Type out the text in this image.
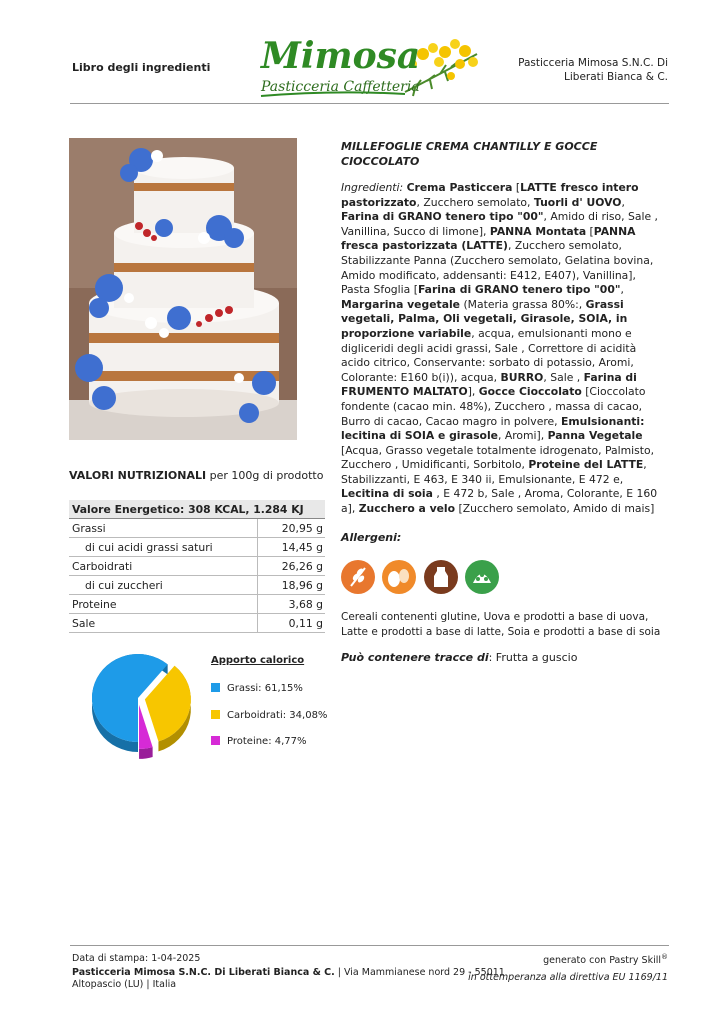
Libro degli ingredienti Mimosa
Pasticceria Caffetteria
Pasticceria Mimosa S.N.C. Di
Liberati Bianca & C.
MILLEFOGLIE CREMA CHANTILLY E GOCCE
CIOCCOLATO
Ingredienti: Crema Pasticcera [LATTE fresco intero pastorizzato, Zucchero semolato, Tuorli d' UOVO, Farina di GRANO tenero tipo "00", Amido di riso, Sale , Vanillina, Succo di limone], PANNA Montata [PANNA fresca pastorizzata (LATTE), Zucchero semolato, Stabilizzante Panna (Zucchero semolato, Gelatina bovina, Amido modificato, addensanti: E412, E407), Vanillina], Pasta Sfoglia [Farina di GRANO tenero tipo "00", Margarina vegetale (Materia grassa 80%:, Grassi vegetali, Palma, Oli vegetali, Girasole, SOIA, in proporzione variabile, acqua, emulsionanti mono e digliceridi degli acidi grassi, Sale , Correttore di acidità acido citrico, Conservante: sorbato di potassio, Aromi, Colorante: E160 b(i)), acqua, BURRO, Sale , Farina di FRUMENTO MALTATO], Gocce Cioccolato [Cioccolato fondente (cacao min. 48%), Zucchero , massa di cacao, Burro di cacao, Cacao magro in polvere, Emulsionanti: lecitina di SOIA e girasole, Aromi], Panna Vegetale [Acqua, Grasso vegetale totalmente idrogenato, Palmisto, Zucchero , Umidificanti, Sorbitolo, Proteine del LATTE, Stabilizzanti, E 463, E 340 ii, Emulsionante, E 472 e, Lecitina di soia , E 472 b, Sale , Aroma, Colorante, E 160 a], Zucchero a velo [Zucchero semolato, Amido di mais]
VALORI NUTRIZIONALI per 100g di prodotto
Valore Energetico: 308 KCAL, 1.284 KJ	
Grassi	20,95 g
di cui acidi grassi saturi	14,45 g
Carboidrati	26,26 g
di cui zuccheri	18,96 g
Proteine	3,68 g
Sale	0,11 g
Apporto calorico
Grassi: 61,15%
Carboidrati: 34,08%
Proteine: 4,77%
Allergeni:
Cereali contenenti glutine, Uova e prodotti a base di uova, Latte e prodotti a base di latte, Soia e prodotti a base di soia
Può contenere tracce di: Frutta a guscio
Data di stampa: 1-04-2025
Pasticceria Mimosa S.N.C. Di Liberati Bianca & C. | Via Mammianese nord 29 - 55011
Altopascio (LU) | Italia
generato con Pastry Skill®
in ottemperanza alla direttiva EU 1169/11
